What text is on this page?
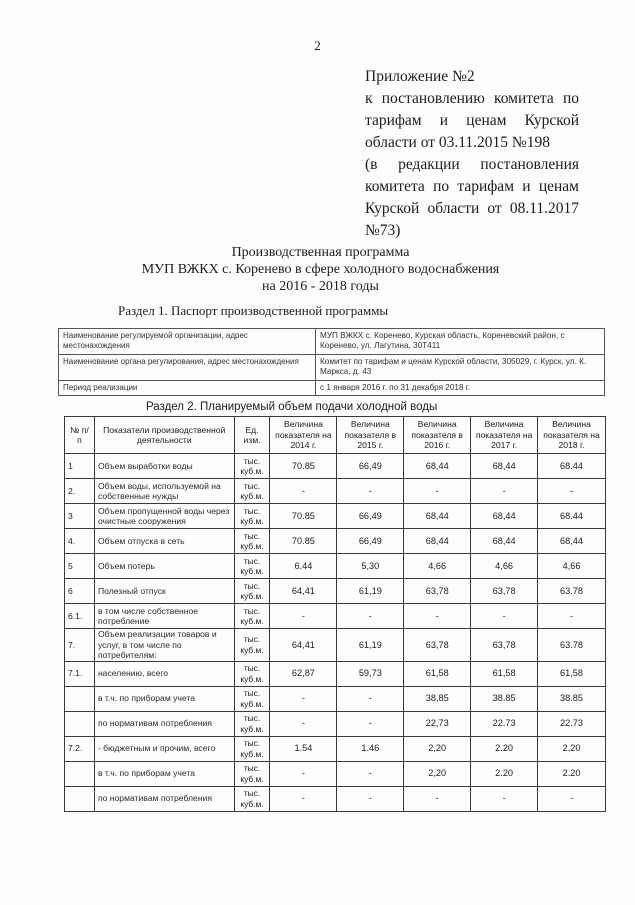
2
Приложение №2
к постановлению комитета по
тарифам и ценам Курской
области от 03.11.2015 №198
(в редакции постановления
комитета по тарифам и ценам
Курской области от 08.11.2017
№73)
Производственная программа
МУП ВЖКХ с. Коренево в сфере холодного водоснабжения
на 2016 - 2018 годы
Раздел 1. Паспорт производственной программы
Наименование регулируемой организации, адрес местонахождения	МУП ВЖКХ с. Коренево, Курская область, Кореневский район, с Коренево, ул. Лагутина, 30Т411
Наименование органа регулирования, адрес местонахождения	Комитет по тарифам и ценам Курской области, 305029, г. Курск, ул. К. Маркса, д. 43
Период реализации	с 1 января 2016 г. по 31 декабря 2018 г.
Раздел 2. Планируемый объем подачи холодной воды
№ п/п	Показатели производственной деятельности	Ед. изм.	Величина показателя на 2014 г.	Величина показателя в 2015 г.	Величина показателя в 2016 г.	Величина показателя на 2017 г.	Величина показателя на 2018 г.
1	Объем выработки воды	тыс. куб.м.	70.85	66,49	68,44	68,44	68.44
2.	Объем воды, используемой на собственные нужды	тыс. куб.м.	-	-	-	-	-
3	Объем пропущенной воды через очистные сооружения	тыс. куб.м.	70.85	66,49	68,44	68,44	68.44
4.	Объем отпуска в сеть	тыс. куб.м.	70.85	66,49	68,44	68,44	68,44
5	Объем потерь	тыс. куб.м.	6.44	5,30	4,66	4,66	4,66
6	Полезный отпуск	тыс. куб.м.	64,41	61,19	63,78	63,78	63.78
6.1.	в том числе собственное потребление	тыс. куб.м.	-	-	-	-	-
7.	Объем реализации товаров и услуг, в том числе по потребителям:	тыс. куб.м.	64,41	61,19	63,78	63,78	63.78
7.1.	населению, всего	тыс. куб.м.	62,87	59,73	61,58	61,58	61,58
	в т.ч. по приборам учета	тыс. куб.м.	-	-	38,85	38.85	38.85
	по нормативам потребления	тыс. куб.м.	-	-	22,73	22.73	22.73
7.2.	- бюджетным и прочим, всего	тыс. куб.м.	1.54	1.46	2,20	2.20	2,20
	в т.ч. по приборам учета	тыс. куб.м.	-	-	2,20	2.20	2.20
	по нормативам потребления	тыс. куб.м.	-	-	-	-	-
